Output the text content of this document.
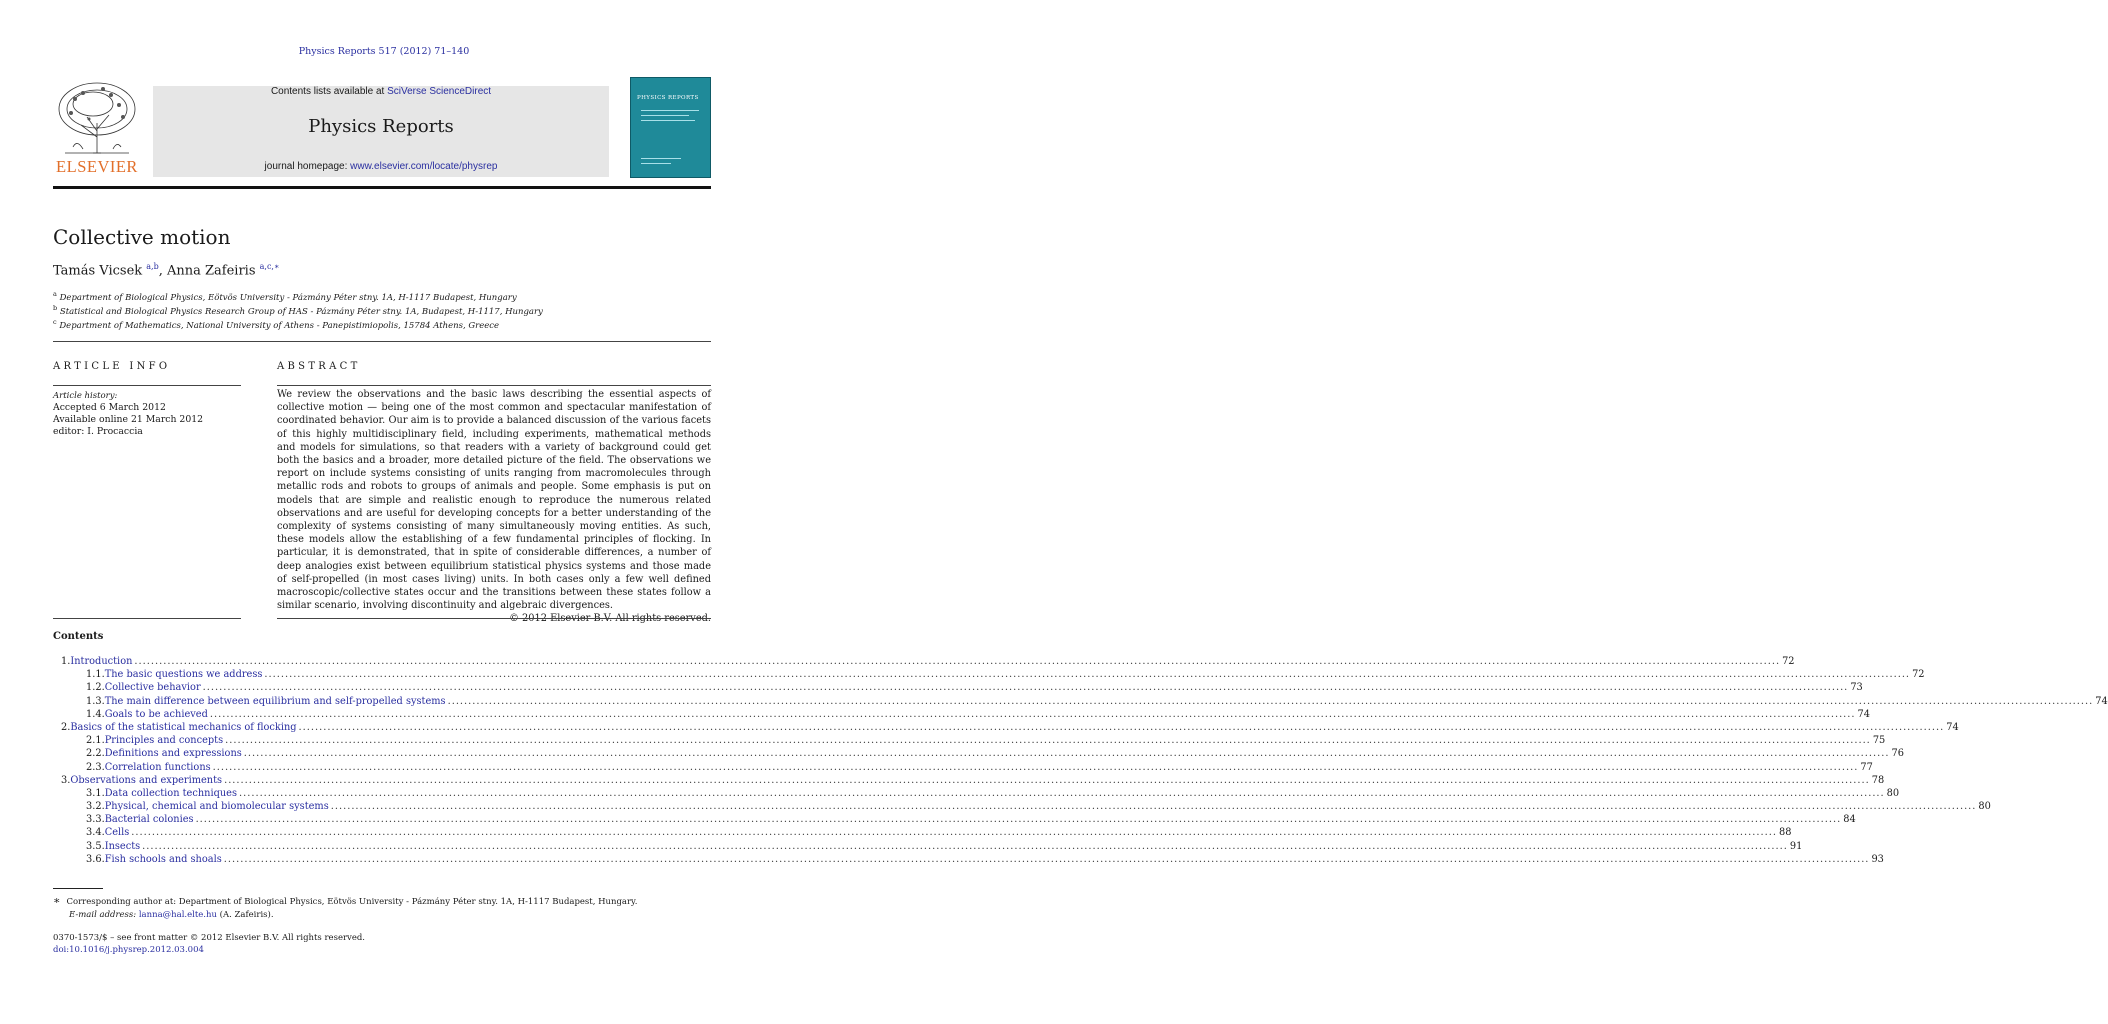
Physics Reports 517 (2012) 71–140
ELSEVIER
Contents lists available at SciVerse ScienceDirect
Physics Reports
journal homepage: www.elsevier.com/locate/physrep
PHYSICS REPORTS
Collective motion
Tamás Vicsek $^{a,b}$, Anna Zafeiris $^{a,c,∗}$
$^a$ Department of Biological Physics, Eötvös University - Pázmány Péter stny. 1A, H-1117 Budapest, Hungary
$^b$ Statistical and Biological Physics Research Group of HAS - Pázmány Péter stny. 1A, Budapest, H-1117, Hungary
$^c$ Department of Mathematics, National University of Athens - Panepistimiopolis, 15784 Athens, Greece
ARTICLE INFO	ABSTRACT
Article history:
Accepted 6 March 2012
Available online 21 March 2012
editor: I. Procaccia
We review the observations and the basic laws describing the essential aspects of collective motion — being one of the most common and spectacular manifestation of coordinated behavior. Our aim is to provide a balanced discussion of the various facets of this highly multidisciplinary field, including experiments, mathematical methods and models for simulations, so that readers with a variety of background could get both the basics and a broader, more detailed picture of the field. The observations we report on include systems consisting of units ranging from macromolecules through metallic rods and robots to groups of animals and people. Some emphasis is put on models that are simple and realistic enough to reproduce the numerous related observations and are useful for developing concepts for a better understanding of the complexity of systems consisting of many simultaneously moving entities. As such, these models allow the establishing of a few fundamental principles of flocking. In particular, it is demonstrated, that in spite of considerable differences, a number of deep analogies exist between equilibrium statistical physics systems and those made of self-propelled (in most cases living) units. In both cases only a few well defined macroscopic/collective states occur and the transitions between these states follow a similar scenario, involving discontinuity and algebraic divergences.
Contents
1. Introduction ................................................................................................................................................................................................................................................................................................................................................................................................................ 72
1.1. The basic questions we address ................................................................................................................................................................................................................................................................................................................................................................................................................ 72
1.2. Collective behavior ................................................................................................................................................................................................................................................................................................................................................................................................................ 73
1.3. The main difference between equilibrium and self-propelled systems ................................................................................................................................................................................................................................................................................................................................................................................................................ 74
1.4. Goals to be achieved ................................................................................................................................................................................................................................................................................................................................................................................................................ 74
2. Basics of the statistical mechanics of flocking ................................................................................................................................................................................................................................................................................................................................................................................................................ 74
2.1. Principles and concepts ................................................................................................................................................................................................................................................................................................................................................................................................................ 75
2.2. Definitions and expressions ................................................................................................................................................................................................................................................................................................................................................................................................................ 76
2.3. Correlation functions ................................................................................................................................................................................................................................................................................................................................................................................................................ 77
3. Observations and experiments ................................................................................................................................................................................................................................................................................................................................................................................................................ 78
3.1. Data collection techniques ................................................................................................................................................................................................................................................................................................................................................................................................................ 80
3.2. Physical, chemical and biomolecular systems ................................................................................................................................................................................................................................................................................................................................................................................................................ 80
3.3. Bacterial colonies ................................................................................................................................................................................................................................................................................................................................................................................................................ 84
3.4. Cells ................................................................................................................................................................................................................................................................................................................................................................................................................ 88
3.5. Insects ................................................................................................................................................................................................................................................................................................................................................................................................................ 91
3.6. Fish schools and shoals ................................................................................................................................................................................................................................................................................................................................................................................................................ 93
∗ Corresponding author at: Department of Biological Physics, Eötvös University - Pázmány Péter stny. 1A, H-1117 Budapest, Hungary.
E-mail address: lanna@hal.elte.hu (A. Zafeiris).
0370-1573/$ – see front matter © 2012 Elsevier B.V. All rights reserved.
doi:10.1016/j.physrep.2012.03.004
